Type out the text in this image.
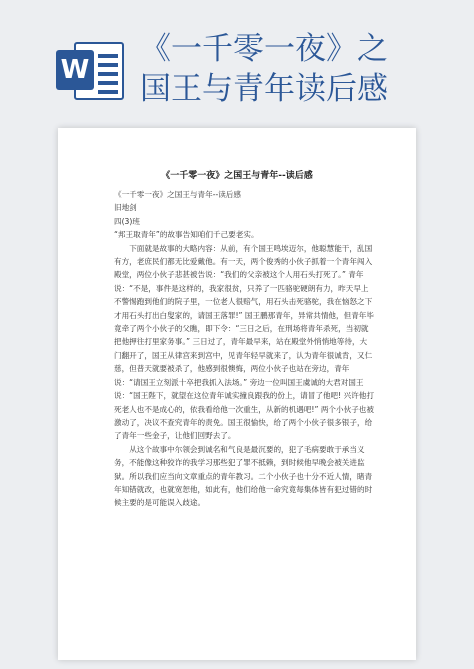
W
《一千零一夜》之
国王与青年读后感
《一千零一夜》之国王与青年--读后感

《一千零一夜》之国王与青年--读后感

旧地剑

四(3)班

“邦王取青年”的故事告知咱们千己要老实。

下面就是故事的大略内容：从前，有个国王鸣埃迈尔，他聪慧能干，乱国有方，老庶民们都无比爱戴他。有一天，两个俊秀的小伙子抓着一个青年闯入殿堂，两位小伙子悲甚被告说：“我们的父亲被这个人用石头打死了。” 青年说：“不是，事件是这样的，我家很贫，只养了一匹骆驼硬朗有力，昨天早上不警惕跑到他们的院子里，一位老人很赔气，用石头击死骆驼，我在恼怒之下才用石头打出白叟家的，请国王落罪!” 国王鹏那青年，异常共情他，但青年毕竟牵了两个小伙子的父瞧，即下令：“三日之后，在刑场将青年杀死，当初就把他押往打里家务事。” 三日过了，青年最早来，站在殿堂外悄悄地等待，大门翻开了，国王从律宫来到宫中，见青年轻早就来了，认为青年很诚肯，又仁慈，但普天就要被杀了，他感到很懊悔，两位小伙子也站在旁边，青年说：“请国王立刻派十卒把我抓入法场。” 旁边一位叫国王虞诚的大君对国王说：“国王陛下，就望在这位青年诚实撞良跟我的份上，请冒了他吧! 兴许他打死老人也不是成心的，依我看给他一次重生，从新的机遇吧!” 两个小伙子也被激动了，决议不查究青年的责免。国王很愉快，给了两个小伙子很多银子，给了青年一些金子，让他们回野去了。

从这个故事中尔领会到诚名和气良是最沉要的，犯了毛病要敢于承当义务，不能像这种狡诈的我学习那些犯了罪不抵赖，到时候他早晚会被关进监狱。所以我们应当向文章重点的青年教习。二个小伙子也十分不近人情，睹青年知错就改，也就宽恕他，如此有，他们给他一命究竟每集体皆有犯过错的时候主要的是可能误入歧途。
